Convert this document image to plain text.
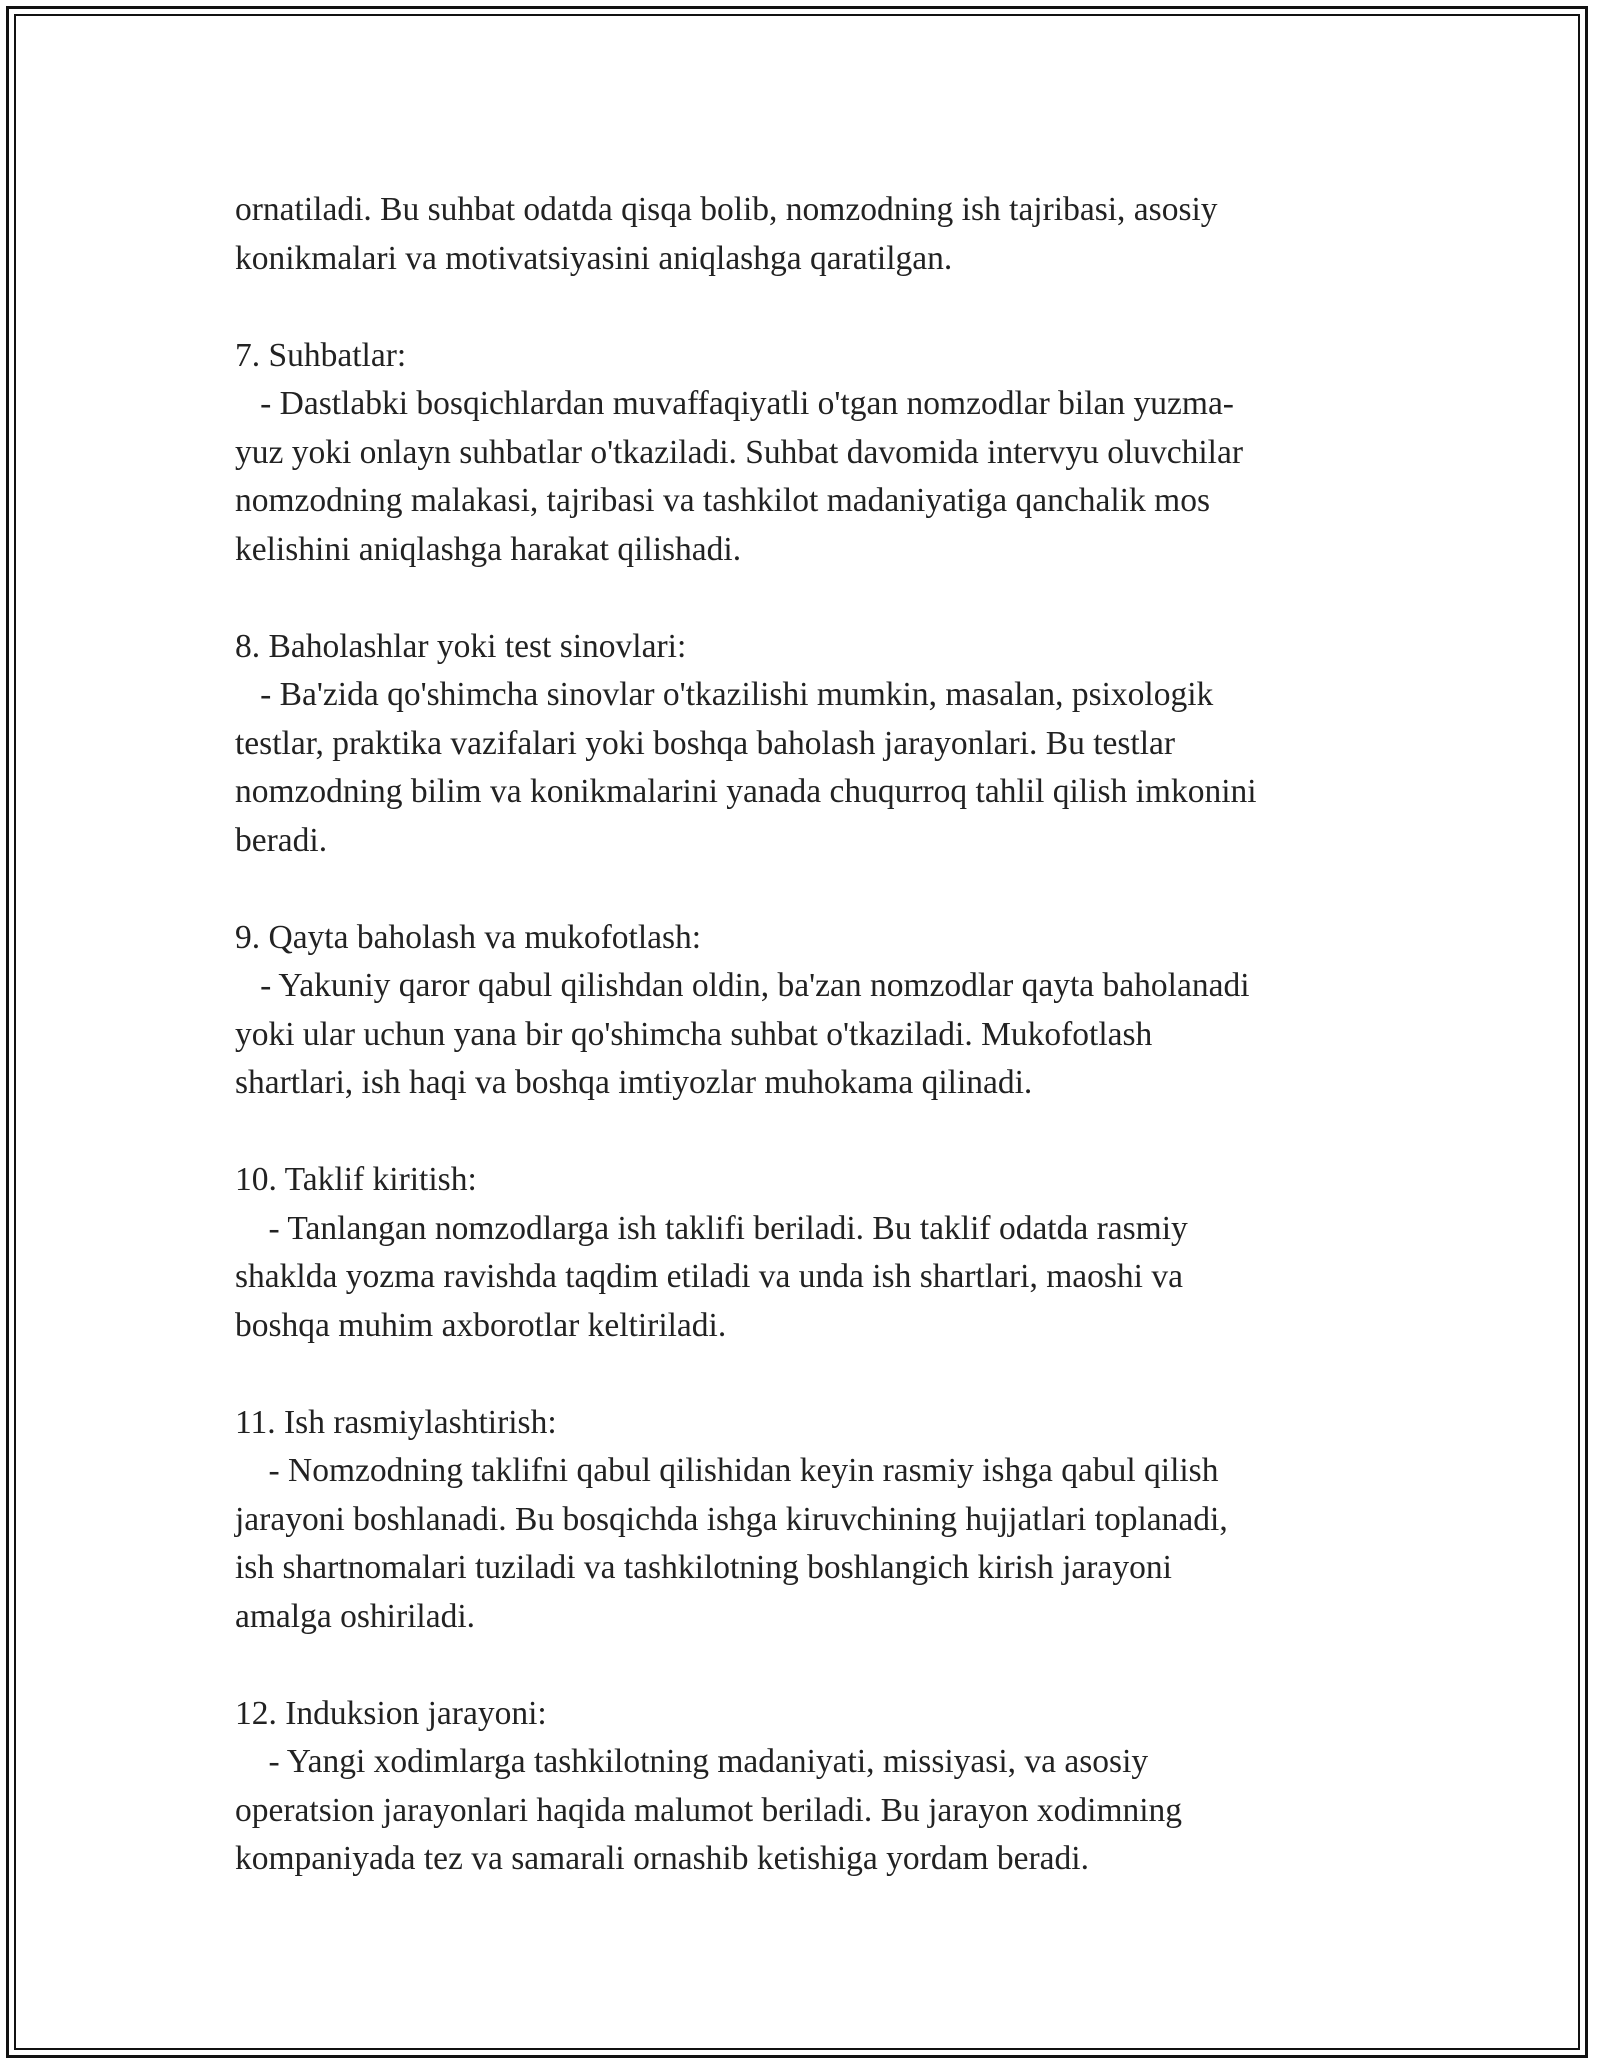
ornatiladi. Bu suhbat odatda qisqa bolib, nomzodning ish tajribasi, asosiy
konikmalari va motivatsiyasini aniqlashga qaratilgan.
7. Suhbatlar:
- Dastlabki bosqichlardan muvaffaqiyatli o'tgan nomzodlar bilan yuzma-
yuz yoki onlayn suhbatlar o'tkaziladi. Suhbat davomida intervyu oluvchilar
nomzodning malakasi, tajribasi va tashkilot madaniyatiga qanchalik mos
kelishini aniqlashga harakat qilishadi.
8. Baholashlar yoki test sinovlari:
- Ba'zida qo'shimcha sinovlar o'tkazilishi mumkin, masalan, psixologik
testlar, praktika vazifalari yoki boshqa baholash jarayonlari. Bu testlar
nomzodning bilim va konikmalarini yanada chuqurroq tahlil qilish imkonini
beradi.
9. Qayta baholash va mukofotlash:
- Yakuniy qaror qabul qilishdan oldin, ba'zan nomzodlar qayta baholanadi
yoki ular uchun yana bir qo'shimcha suhbat o'tkaziladi. Mukofotlash
shartlari, ish haqi va boshqa imtiyozlar muhokama qilinadi.
10. Taklif kiritish:
- Tanlangan nomzodlarga ish taklifi beriladi. Bu taklif odatda rasmiy
shaklda yozma ravishda taqdim etiladi va unda ish shartlari, maoshi va
boshqa muhim axborotlar keltiriladi.
11. Ish rasmiylashtirish:
- Nomzodning taklifni qabul qilishidan keyin rasmiy ishga qabul qilish
jarayoni boshlanadi. Bu bosqichda ishga kiruvchining hujjatlari toplanadi,
ish shartnomalari tuziladi va tashkilotning boshlangich kirish jarayoni
amalga oshiriladi.
12. Induksion jarayoni:
- Yangi xodimlarga tashkilotning madaniyati, missiyasi, va asosiy
operatsion jarayonlari haqida malumot beriladi. Bu jarayon xodimning
kompaniyada tez va samarali ornashib ketishiga yordam beradi.
